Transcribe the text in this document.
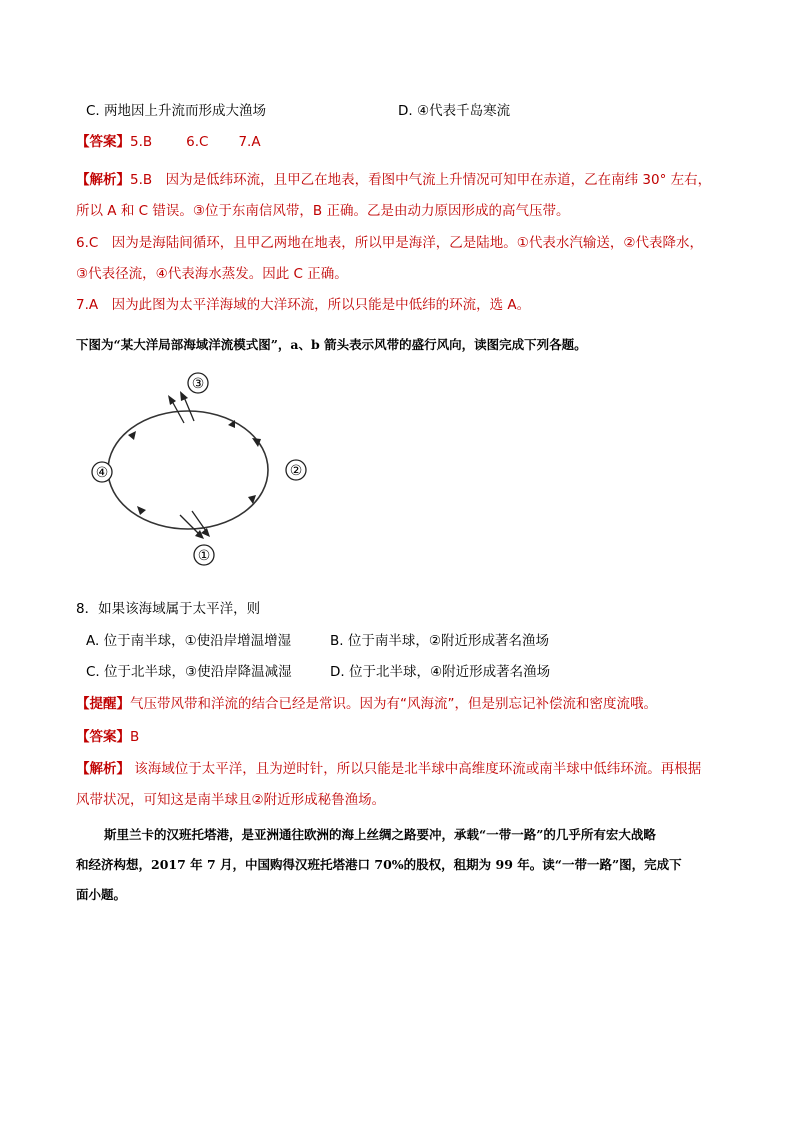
C. 两地因上升流而形成大渔场	D. ④代表千岛寒流
【答案】5.B	6.C 7.A
【解析】5.B　因为是低纬环流，且甲乙在地表，看图中气流上升情况可知甲在赤道，乙在南纬 30° 左右，
所以 A 和 C 错误。③位于东南信风带，B 正确。乙是由动力原因形成的高气压带。
6.C　因为是海陆间循环，且甲乙两地在地表，所以甲是海洋，乙是陆地。①代表水汽输送，②代表降水，
③代表径流，④代表海水蒸发。因此 C 正确。
7.A　因为此图为太平洋海域的大洋环流，所以只能是中低纬的环流，选 A。
下图为“某大洋局部海域洋流模式图”，a、b 箭头表示风带的盛行风向，读图完成下列各题。
③
②
①
④
8．如果该海域属于太平洋，则
A. 位于南半球，①使沿岸增温增湿	B. 位于南半球，②附近形成著名渔场
C. 位于北半球，③使沿岸降温减湿	D. 位于北半球，④附近形成著名渔场
【提醒】气压带风带和洋流的结合已经是常识。因为有“风海流”，但是别忘记补偿流和密度流哦。
【答案】B
【解析】 该海域位于太平洋，且为逆时针，所以只能是北半球中高维度环流或南半球中低纬环流。再根据
风带状况，可知这是南半球且②附近形成秘鲁渔场。
斯里兰卡的汉班托塔港，是亚洲通往欧洲的海上丝绸之路要冲，承载“一带一路”的几乎所有宏大战略
和经济构想，2017 年 7 月，中国购得汉班托塔港口 70%的股权，租期为 99 年。读“一带一路”图，完成下
面小题。
